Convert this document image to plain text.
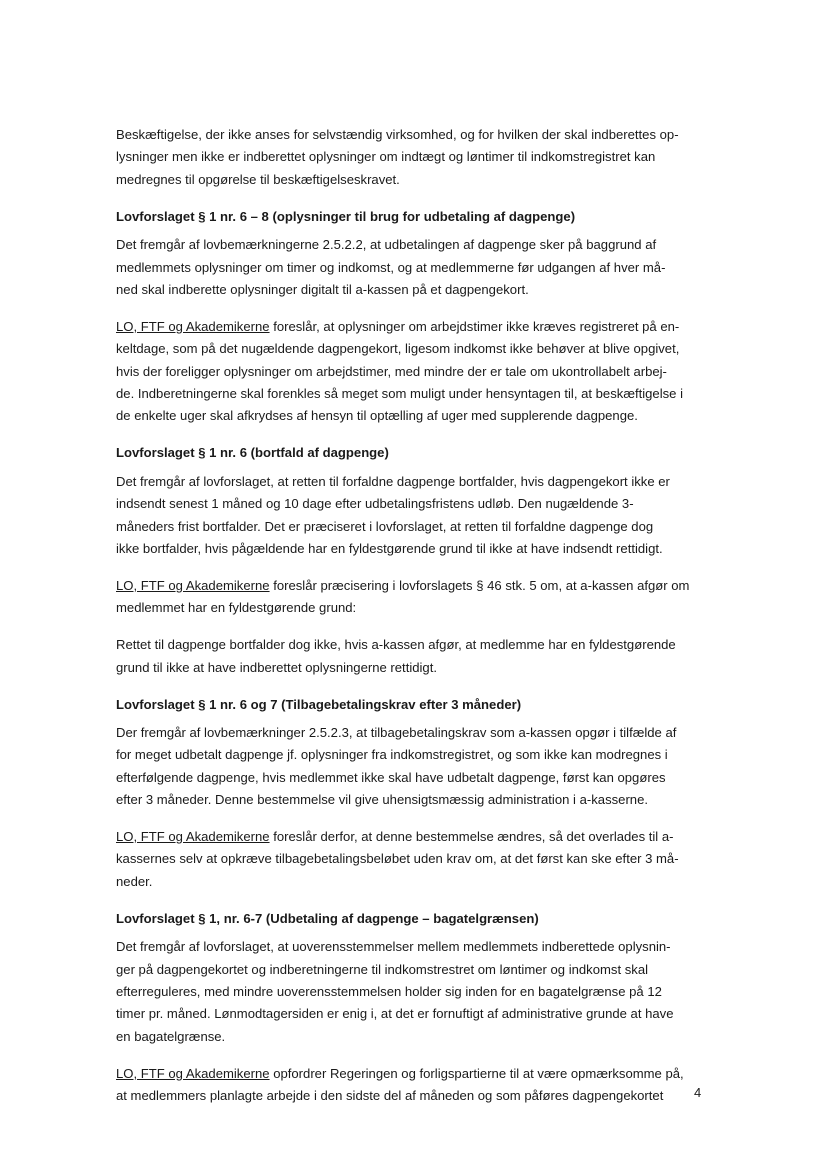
Beskæftigelse, der ikke anses for selvstændig virksomhed, og for hvilken der skal indberettes op-
lysninger men ikke er indberettet oplysninger om indtægt og løntimer til indkomstregistret kan
medregnes til opgørelse til beskæftigelseskravet.

Lovforslaget § 1 nr. 6 – 8 (oplysninger til brug for udbetaling af dagpenge)

Det fremgår af lovbemærkningerne 2.5.2.2, at udbetalingen af dagpenge sker på baggrund af
medlemmets oplysninger om timer og indkomst, og at medlemmerne før udgangen af hver må-
ned skal indberette oplysninger digitalt til a-kassen på et dagpengekort.

LO, FTF og Akademikerne foreslår, at oplysninger om arbejdstimer ikke kræves registreret på en-
keltdage, som på det nugældende dagpengekort, ligesom indkomst ikke behøver at blive opgivet,
hvis der foreligger oplysninger om arbejdstimer, med mindre der er tale om ukontrollabelt arbej-
de. Indberetningerne skal forenkles så meget som muligt under hensyntagen til, at beskæftigelse i
de enkelte uger skal afkrydses af hensyn til optælling af uger med supplerende dagpenge.

Lovforslaget § 1 nr. 6 (bortfald af dagpenge)

Det fremgår af lovforslaget, at retten til forfaldne dagpenge bortfalder, hvis dagpengekort ikke er
indsendt senest 1 måned og 10 dage efter udbetalingsfristens udløb. Den nugældende 3-
måneders frist bortfalder. Det er præciseret i lovforslaget, at retten til forfaldne dagpenge dog
ikke bortfalder, hvis pågældende har en fyldestgørende grund til ikke at have indsendt rettidigt.

LO, FTF og Akademikerne foreslår præcisering i lovforslagets § 46 stk. 5 om, at a-kassen afgør om
medlemmet har en fyldestgørende grund:

Rettet til dagpenge bortfalder dog ikke, hvis a-kassen afgør, at medlemme har en fyldestgørende
grund til ikke at have indberettet oplysningerne rettidigt.

Lovforslaget § 1 nr. 6 og 7 (Tilbagebetalingskrav efter 3 måneder)

Der fremgår af lovbemærkninger 2.5.2.3, at tilbagebetalingskrav som a-kassen opgør i tilfælde af
for meget udbetalt dagpenge jf. oplysninger fra indkomstregistret, og som ikke kan modregnes i
efterfølgende dagpenge, hvis medlemmet ikke skal have udbetalt dagpenge, først kan opgøres
efter 3 måneder. Denne bestemmelse vil give uhensigtsmæssig administration i a-kasserne.

LO, FTF og Akademikerne foreslår derfor, at denne bestemmelse ændres, så det overlades til a-
kassernes selv at opkræve tilbagebetalingsbeløbet uden krav om, at det først kan ske efter 3 må-
neder.

Lovforslaget § 1, nr. 6-7 (Udbetaling af dagpenge – bagatelgrænsen)

Det fremgår af lovforslaget, at uoverensstemmelser mellem medlemmets indberettede oplysnin-
ger på dagpengekortet og indberetningerne til indkomstrestret om løntimer og indkomst skal
efterreguleres, med mindre uoverensstemmelsen holder sig inden for en bagatelgrænse på 12
timer pr. måned. Lønmodtagersiden er enig i, at det er fornuftigt af administrative grunde at have
en bagatelgrænse.

LO, FTF og Akademikerne opfordrer Regeringen og forligspartierne til at være opmærksomme på,
at medlemmers planlagte arbejde i den sidste del af måneden og som påføres dagpengekortet	4
